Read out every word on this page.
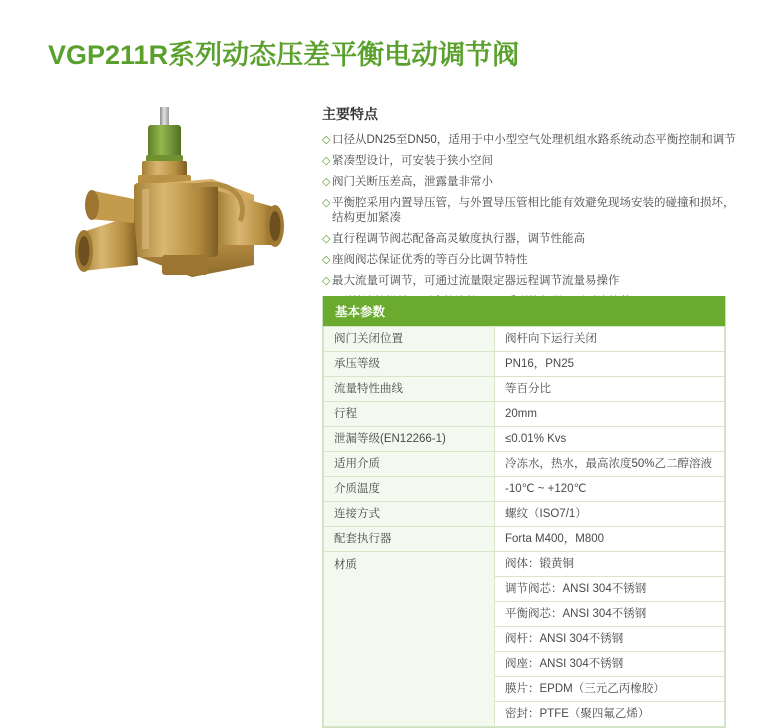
VGP211R系列动态压差平衡电动调节阀
主要特点
◇ 口径从DN25至DN50，适用于中小型空气处理机组水路系统动态平衡控制和调节
◇ 紧凑型设计，可安装于狭小空间
◇ 阀门关断压差高，泄露量非常小
◇ 平衡腔采用内置导压管，与外置导压管相比能有效避免现场安装的碰撞和损坏，结构更加紧凑
◇ 直行程调节阀芯配备高灵敏度执行器，调节性能高
◇ 座阀阀芯保证优秀的等百分比调节特性
◇ 最大流量可调节，可通过流量限定器远程调节流量易操作
基本参数
阀门关闭位置	阀杆向下运行关闭
承压等级	PN16，PN25
流量特性曲线	等百分比
行程	20mm
泄漏等级(EN12266-1)	≤0.01% Kvs
适用介质	冷冻水，热水，最高浓度50%乙二醇溶液
介质温度	-10℃ ~ +120℃
连接方式	螺纹（ISO7/1）
配套执行器	Forta M400，M800
材质	阀体：锻黄铜
	调节阀芯：ANSI 304不锈钢
	平衡阀芯：ANSI 304不锈钢
	阀杆：ANSI 304不锈钢
	阀座：ANSI 304不锈钢
	膜片：EPDM（三元乙丙橡胶）
	密封：PTFE（聚四氟乙烯）
